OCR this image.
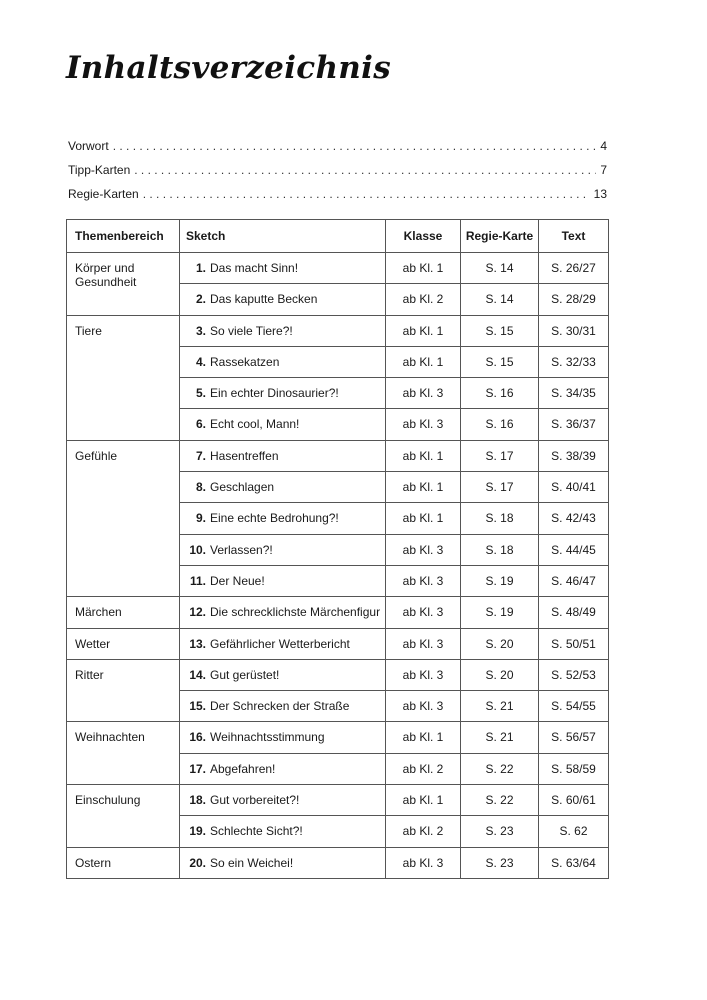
Inhaltsverzeichnis
Vorwort . . .	4
Tipp-Karten . . .	7
Regie-Karten . . .	13
Themenbereich	Sketch	Klasse	Regie-Karte	Text
Körper und Gesundheit	1. Das macht Sinn!	ab Kl. 1	S. 14	S. 26/27
	2. Das kaputte Becken	ab Kl. 2	S. 14	S. 28/29
Tiere	3. So viele Tiere?!	ab Kl. 1	S. 15	S. 30/31
	4. Rassekatzen	ab Kl. 1	S. 15	S. 32/33
	5. Ein echter Dinosaurier?!	ab Kl. 3	S. 16	S. 34/35
	6. Echt cool, Mann!	ab Kl. 3	S. 16	S. 36/37
Gefühle	7. Hasentreffen	ab Kl. 1	S. 17	S. 38/39
	8. Geschlagen	ab Kl. 1	S. 17	S. 40/41
	9. Eine echte Bedrohung?!	ab Kl. 1	S. 18	S. 42/43
	10. Verlassen?!	ab Kl. 3	S. 18	S. 44/45
	11. Der Neue!	ab Kl. 3	S. 19	S. 46/47
Märchen	12. Die schrecklichste Märchenfigur	ab Kl. 3	S. 19	S. 48/49
Wetter	13. Gefährlicher Wetterbericht	ab Kl. 3	S. 20	S. 50/51
Ritter	14. Gut gerüstet!	ab Kl. 3	S. 20	S. 52/53
	15. Der Schrecken der Straße	ab Kl. 3	S. 21	S. 54/55
Weihnachten	16. Weihnachtsstimmung	ab Kl. 1	S. 21	S. 56/57
	17. Abgefahren!	ab Kl. 2	S. 22	S. 58/59
Einschulung	18. Gut vorbereitet?!	ab Kl. 1	S. 22	S. 60/61
	19. Schlechte Sicht?!	ab Kl. 2	S. 23	S. 62
Ostern	20. So ein Weichei!	ab Kl. 3	S. 23	S. 63/64
